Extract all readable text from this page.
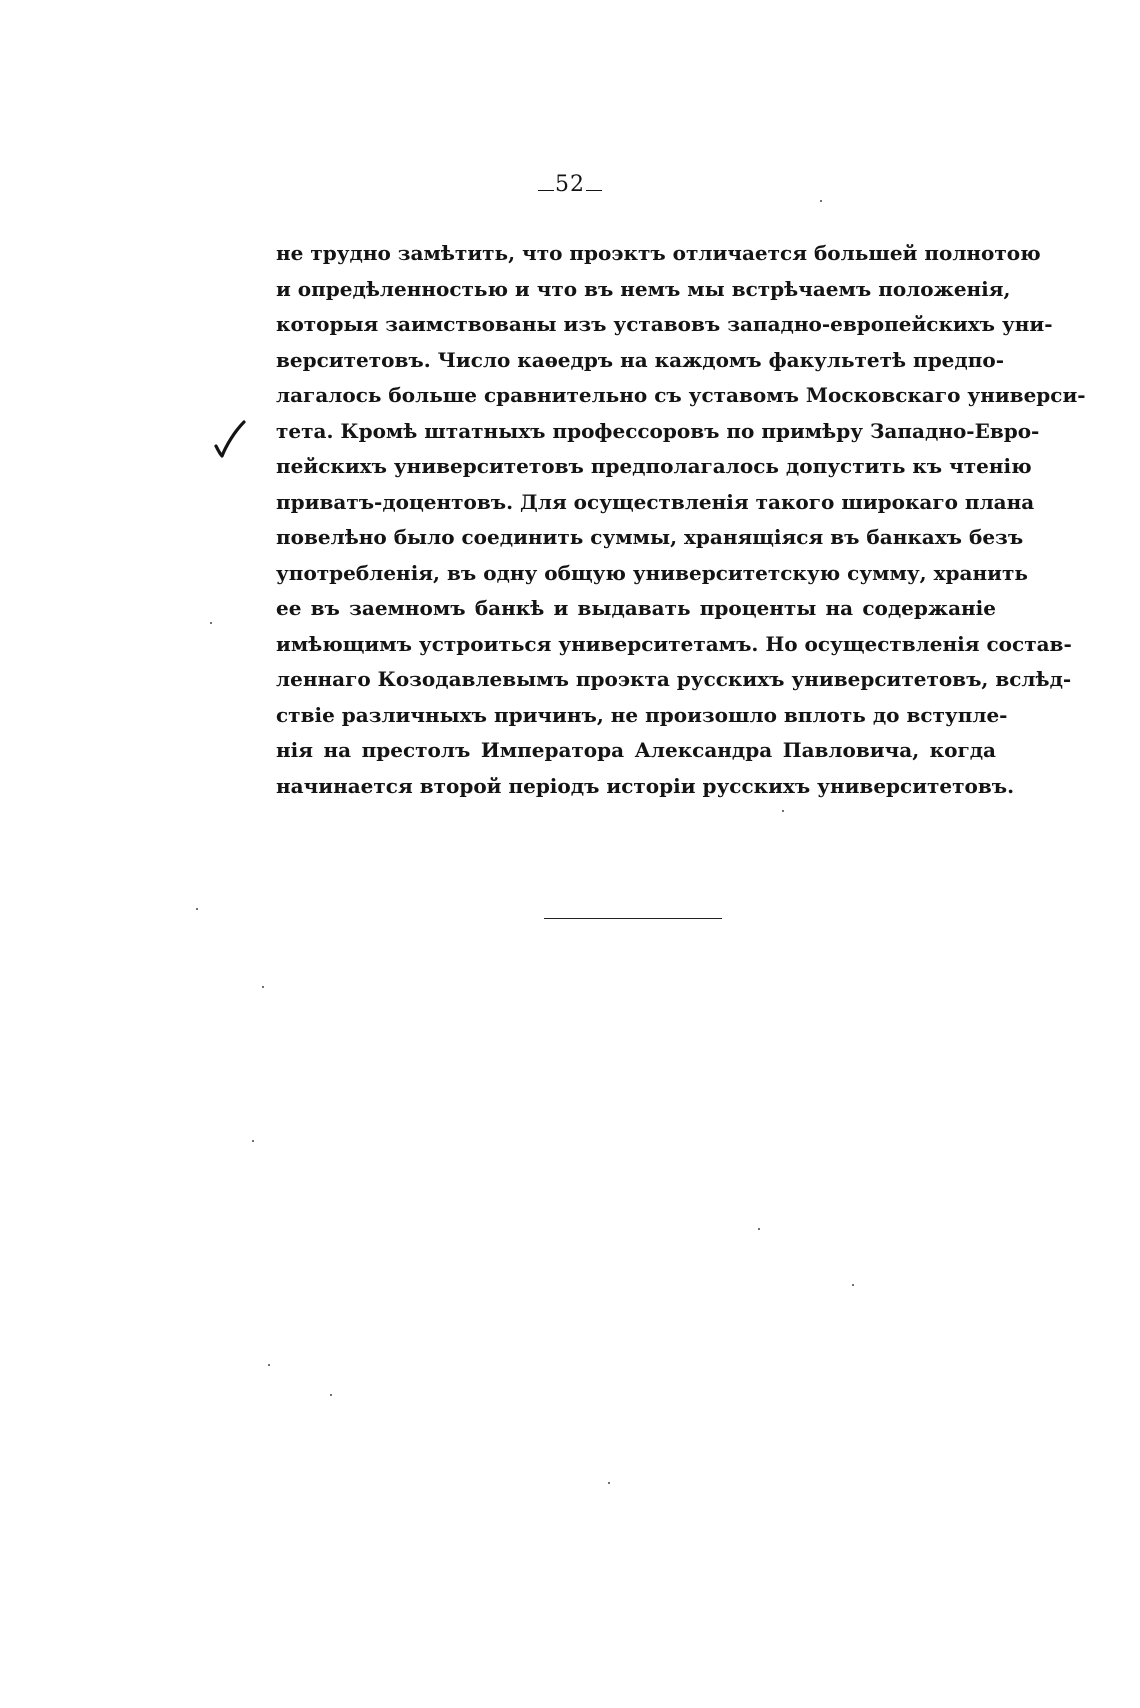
52
не трудно замѣтить, что проэктъ отличается большей полнотою
и опредѣленностью и что въ немъ мы встрѣчаемъ положенія,
которыя заимствованы изъ уставовъ западно-европейскихъ уни-
верситетовъ. Число каѳедръ на каждомъ факультетѣ предпо-
лагалось больше сравнительно съ уставомъ Московскаго универси-
тета. Кромѣ штатныхъ профессоровъ по примѣру Западно-Евро-
пейскихъ университетовъ предполагалось допустить къ чтенію
приватъ-доцентовъ. Для осуществленія такого широкаго плана
повелѣно было соединить суммы, хранящіяся въ банкахъ безъ
употребленія, въ одну общую университетскую сумму, хранить
ее въ заемномъ банкѣ и выдавать проценты на содержаніе
имѣющимъ устроиться университетамъ. Но осуществленія состав-
леннаго Козодавлевымъ проэкта русскихъ университетовъ, вслѣд-
ствіе различныхъ причинъ, не произошло вплоть до вступле-
нія на престолъ Императора Александра Павловича, когда
начинается второй періодъ исторіи русскихъ университетовъ.
